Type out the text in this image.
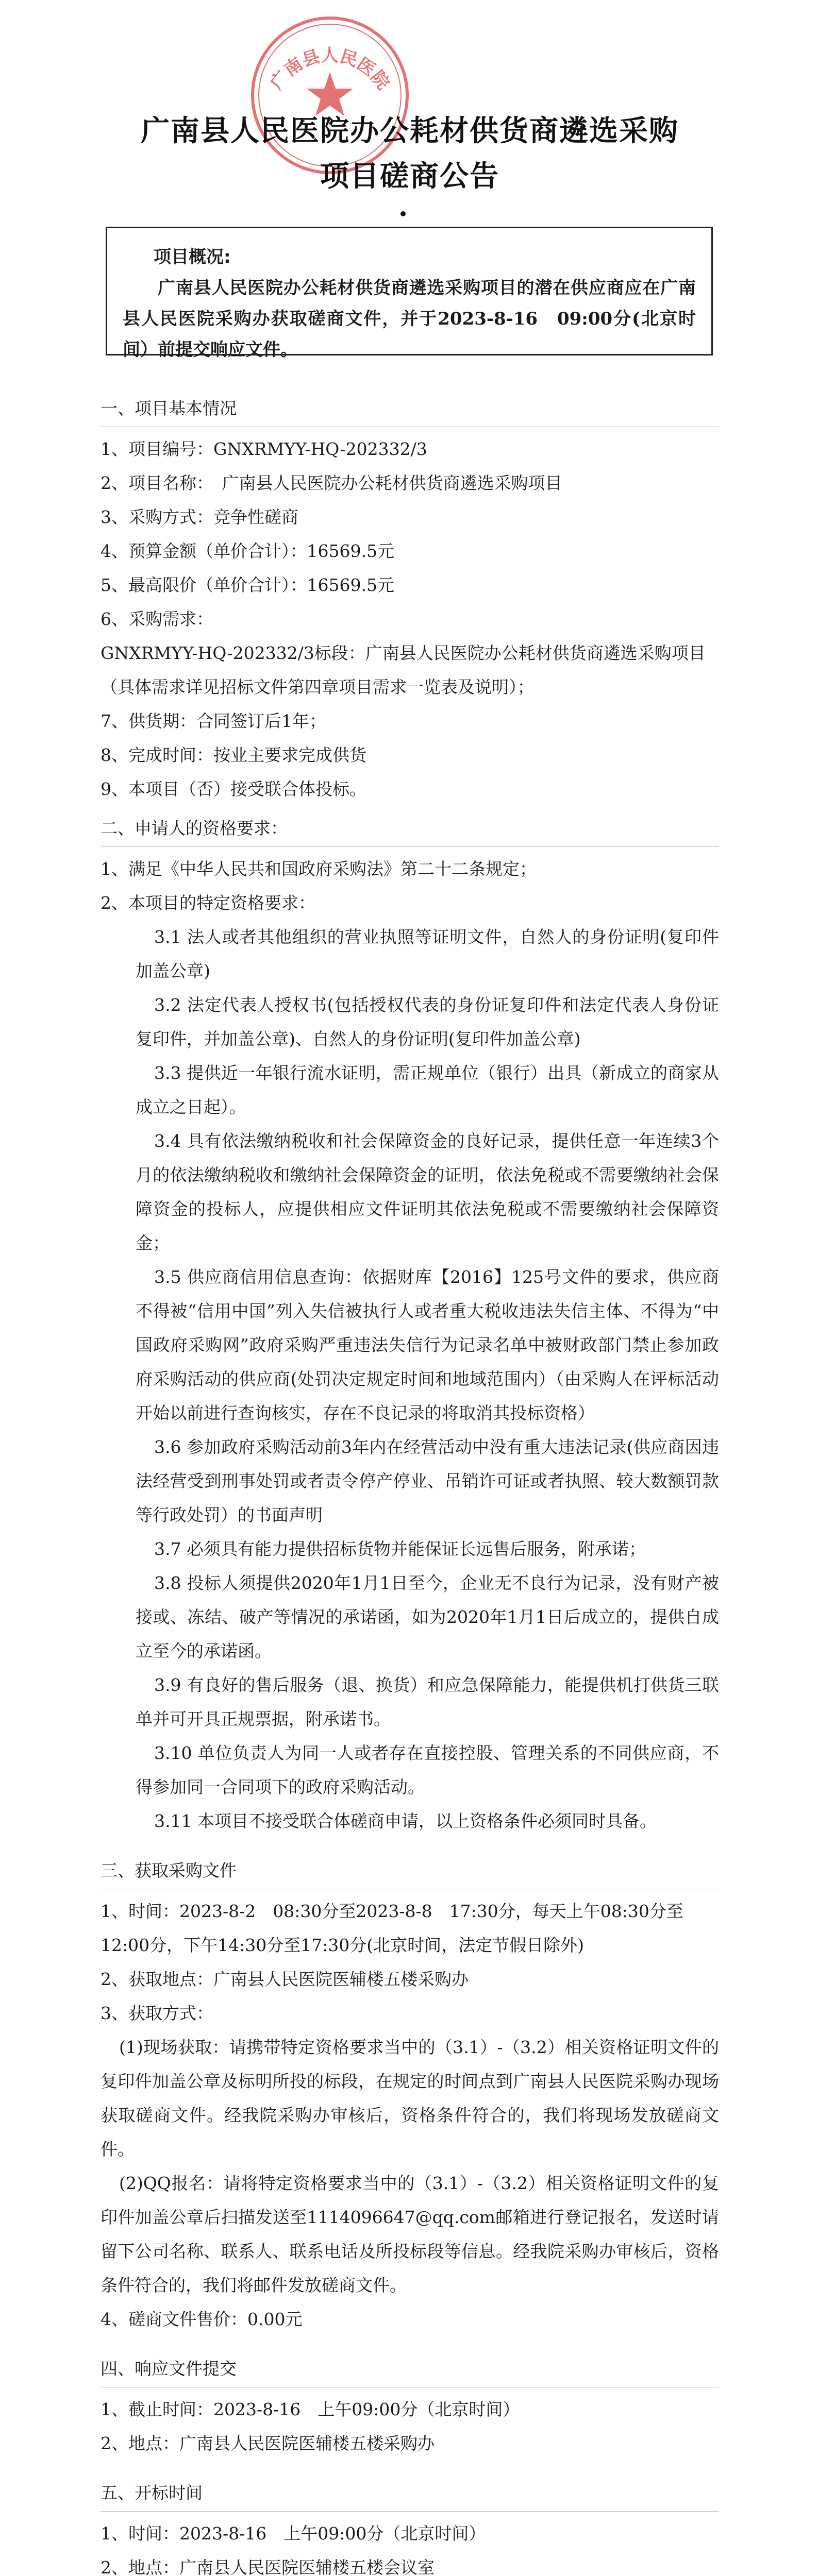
广南县人民医院
广南县人民医院办公耗材供货商遴选采购
项目磋商公告
项目概况:
广南县人民医院办公耗材供货商遴选采购项目的潜在供应商应在广南县人民医院采购办获取磋商文件，并于2023-8-16　09:00分(北京时间）前提交响应文件。

一、项目基本情况

1、项目编号：GNXRMYY-HQ-202332/3

2、项目名称：　广南县人民医院办公耗材供货商遴选采购项目

3、采购方式：竞争性磋商

4、预算金额（单价合计）：16569.5元

5、最高限价（单价合计）：16569.5元

6、采购需求：

GNXRMYY-HQ-202332/3标段：广南县人民医院办公耗材供货商遴选采购项目（具体需求详见招标文件第四章项目需求一览表及说明）；

7、供货期：合同签订后1年；

8、完成时间：按业主要求完成供货

9、本项目（否）接受联合体投标。

二、申请人的资格要求：

1、满足《中华人民共和国政府采购法》第二十二条规定；

2、本项目的特定资格要求：

3.1 法人或者其他组织的营业执照等证明文件，自然人的身份证明(复印件加盖公章)

3.2 法定代表人授权书(包括授权代表的身份证复印件和法定代表人身份证复印件，并加盖公章)、自然人的身份证明(复印件加盖公章)

3.3 提供近一年银行流水证明，需正规单位（银行）出具（新成立的商家从成立之日起）。

3.4 具有依法缴纳税收和社会保障资金的良好记录，提供任意一年连续3个月的依法缴纳税收和缴纳社会保障资金的证明，依法免税或不需要缴纳社会保障资金的投标人，应提供相应文件证明其依法免税或不需要缴纳社会保障资金；

3.5 供应商信用信息查询：依据财库【2016】125号文件的要求，供应商不得被“信用中国”列入失信被执行人或者重大税收违法失信主体、不得为“中国政府采购网”政府采购严重违法失信行为记录名单中被财政部门禁止参加政府采购活动的供应商(处罚决定规定时间和地域范围内）（由采购人在评标活动开始以前进行查询核实，存在不良记录的将取消其投标资格）

3.6 参加政府采购活动前3年内在经营活动中没有重大违法记录(供应商因违法经营受到刑事处罚或者责令停产停业、吊销许可证或者执照、较大数额罚款等行政处罚）的书面声明

3.7 必须具有能力提供招标货物并能保证长远售后服务，附承诺；

3.8 投标人须提供2020年1月1日至今，企业无不良行为记录，没有财产被接或、冻结、破产等情况的承诺函，如为2020年1月1日后成立的，提供自成立至今的承诺函。

3.9 有良好的售后服务（退、换货）和应急保障能力，能提供机打供货三联单并可开具正规票据，附承诺书。

3.10 单位负责人为同一人或者存在直接控股、管理关系的不同供应商，不得参加同一合同项下的政府采购活动。

3.11 本项目不接受联合体磋商申请，以上资格条件必须同时具备。

三、获取采购文件

1、时间：2023-8-2　08:30分至2023-8-8　17:30分，每天上午08:30分至12:00分，下午14:30分至17:30分(北京时间，法定节假日除外)

2、获取地点：广南县人民医院医辅楼五楼采购办

3、获取方式：

(1)现场获取：请携带特定资格要求当中的（3.1）-（3.2）相关资格证明文件的复印件加盖公章及标明所投的标段，在规定的时间点到广南县人民医院采购办现场获取磋商文件。经我院采购办审核后，资格条件符合的，我们将现场发放磋商文件。

(2)QQ报名：请将特定资格要求当中的（3.1）-（3.2）相关资格证明文件的复印件加盖公章后扫描发送至1114096647@qq.com邮箱进行登记报名，发送时请留下公司名称、联系人、联系电话及所投标段等信息。经我院采购办审核后，资格条件符合的，我们将邮件发放磋商文件。

4、磋商文件售价：0.00元

四、响应文件提交

1、截止时间：2023-8-16　上午09:00分（北京时间）

2、地点：广南县人民医院医辅楼五楼采购办

五、开标时间

1、时间：2023-8-16　上午09:00分（北京时间）

2、地点：广南县人民医院医辅楼五楼会议室
